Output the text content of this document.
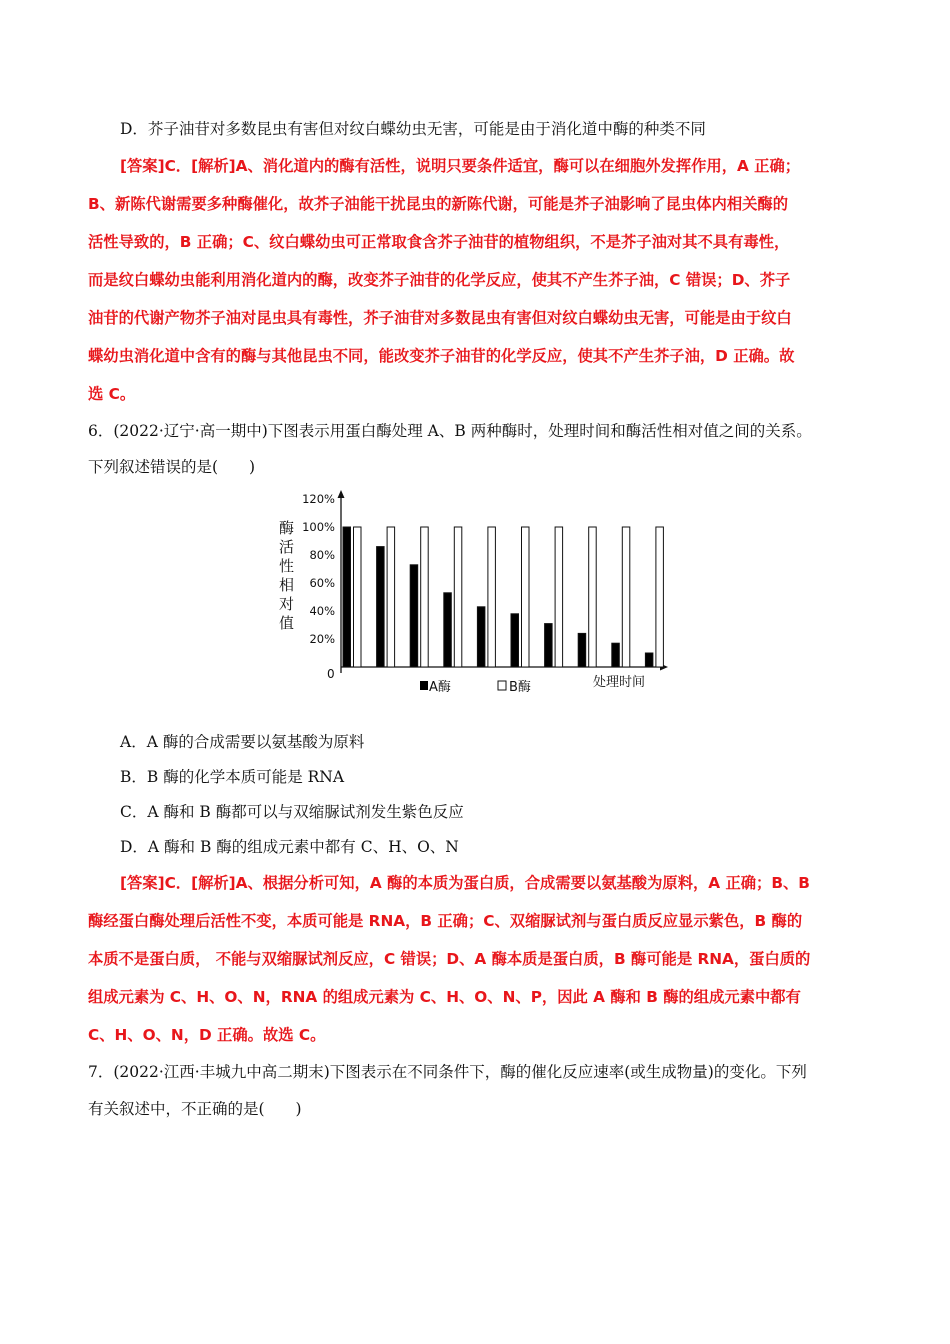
D．芥子油苷对多数昆虫有害但对纹白蝶幼虫无害，可能是由于消化道中酶的种类不同
[答案]C．[解析]A、消化道内的酶有活性，说明只要条件适宜，酶可以在细胞外发挥作用，A 正确；
B、新陈代谢需要多种酶催化，故芥子油能干扰昆虫的新陈代谢，可能是芥子油影响了昆虫体内相关酶的
活性导致的，B 正确；C、纹白蝶幼虫可正常取食含芥子油苷的植物组织，不是芥子油对其不具有毒性，
而是纹白蝶幼虫能利用消化道内的酶，改变芥子油苷的化学反应，使其不产生芥子油，C 错误；D、芥子
油苷的代谢产物芥子油对昆虫具有毒性，芥子油苷对多数昆虫有害但对纹白蝶幼虫无害，可能是由于纹白
蝶幼虫消化道中含有的酶与其他昆虫不同，能改变芥子油苷的化学反应，使其不产生芥子油，D 正确。故
选 C。
6．(2022·辽宁·高一期中)下图表示用蛋白酶处理 A、B 两种酶时，处理时间和酶活性相对值之间的关系。
下列叙述错误的是(　　)
酶
活
性
相
对
值
20%
40%
60%
80%
100%
120%
0
A酶	B酶	处理时间
A．A 酶的合成需要以氨基酸为原料
B．B 酶的化学本质可能是 RNA
C．A 酶和 B 酶都可以与双缩脲试剂发生紫色反应
D．A 酶和 B 酶的组成元素中都有 C、H、O、N
[答案]C．[解析]A、根据分析可知，A 酶的本质为蛋白质，合成需要以氨基酸为原料，A 正确；B、B
酶经蛋白酶处理后活性不变，本质可能是 RNA，B 正确；C、双缩脲试剂与蛋白质反应显示紫色，B 酶的
本质不是蛋白质， 不能与双缩脲试剂反应，C 错误；D、A 酶本质是蛋白质，B 酶可能是 RNA，蛋白质的
组成元素为 C、H、O、N，RNA 的组成元素为 C、H、O、N、P，因此 A 酶和 B 酶的组成元素中都有
C、H、O、N，D 正确。故选 C。
7．(2022·江西·丰城九中高二期末)下图表示在不同条件下，酶的催化反应速率(或生成物量)的变化。下列
有关叙述中，不正确的是(　　)
